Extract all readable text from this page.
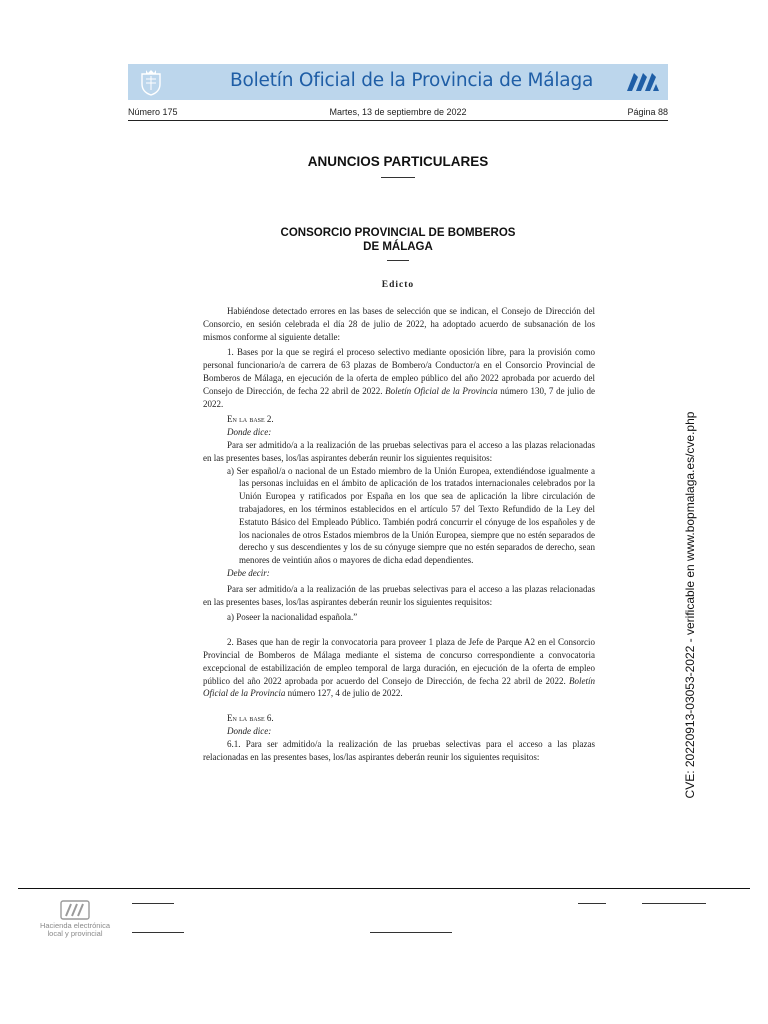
Boletín Oficial de la Provincia de Málaga
Número 175	Martes, 13 de septiembre de 2022	Página 88
ANUNCIOS PARTICULARES
CONSORCIO PROVINCIAL DE BOMBEROS
DE MÁLAGA
Edicto

Habiéndose detectado errores en las bases de selección que se indican, el Consejo de Dirección del Consorcio, en sesión celebrada el día 28 de julio de 2022, ha adoptado acuerdo de subsanación de los mismos conforme al siguiente detalle:

1. Bases por la que se regirá el proceso selectivo mediante oposición libre, para la provisión como personal funcionario/a de carrera de 63 plazas de Bombero/a Conductor/a en el Consorcio Provincial de Bomberos de Málaga, en ejecución de la oferta de empleo público del año 2022 aprobada por acuerdo del Consejo de Dirección, de fecha 22 abril de 2022. Boletín Oficial de la Provincia número 130, 7 de julio de 2022.

En la base 2.

Donde dice:

Para ser admitido/a a la realización de las pruebas selectivas para el acceso a las plazas relacionadas en las presentes bases, los/las aspirantes deberán reunir los siguientes requisitos:

a) Ser español/a o nacional de un Estado miembro de la Unión Europea, extendiéndose igualmente a las personas incluidas en el ámbito de aplicación de los tratados internacionales celebrados por la Unión Europea y ratificados por España en los que sea de aplicación la libre circulación de trabajadores, en los términos establecidos en el artículo 57 del Texto Refundido de la Ley del Estatuto Básico del Empleado Público. También podrá concurrir el cónyuge de los españoles y de los nacionales de otros Estados miembros de la Unión Europea, siempre que no estén separados de derecho y sus descendientes y los de su cónyuge siempre que no estén separados de derecho, sean menores de veintiún años o mayores de dicha edad dependientes.

Debe decir:

Para ser admitido/a a la realización de las pruebas selectivas para el acceso a las plazas relacionadas en las presentes bases, los/las aspirantes deberán reunir los siguientes requisitos:

a) Poseer la nacionalidad española.”

2. Bases que han de regir la convocatoria para proveer 1 plaza de Jefe de Parque A2 en el Consorcio Provincial de Bomberos de Málaga mediante el sistema de concurso correspondiente a convocatoria excepcional de estabilización de empleo temporal de larga duración, en ejecución de la oferta de empleo público del año 2022 aprobada por acuerdo del Consejo de Dirección, de fecha 22 abril de 2022. Boletín Oficial de la Provincia número 127, 4 de julio de 2022.

En la base 6.

Donde dice:

6.1. Para ser admitido/a la realización de las pruebas selectivas para el acceso a las plazas relacionadas en las presentes bases, los/las aspirantes deberán reunir los siguientes requisitos:	CVE: 20220913-03053-2022 - verificable en www.bopmalaga.es/cve.php
Hacienda electrónica
local y provincial
